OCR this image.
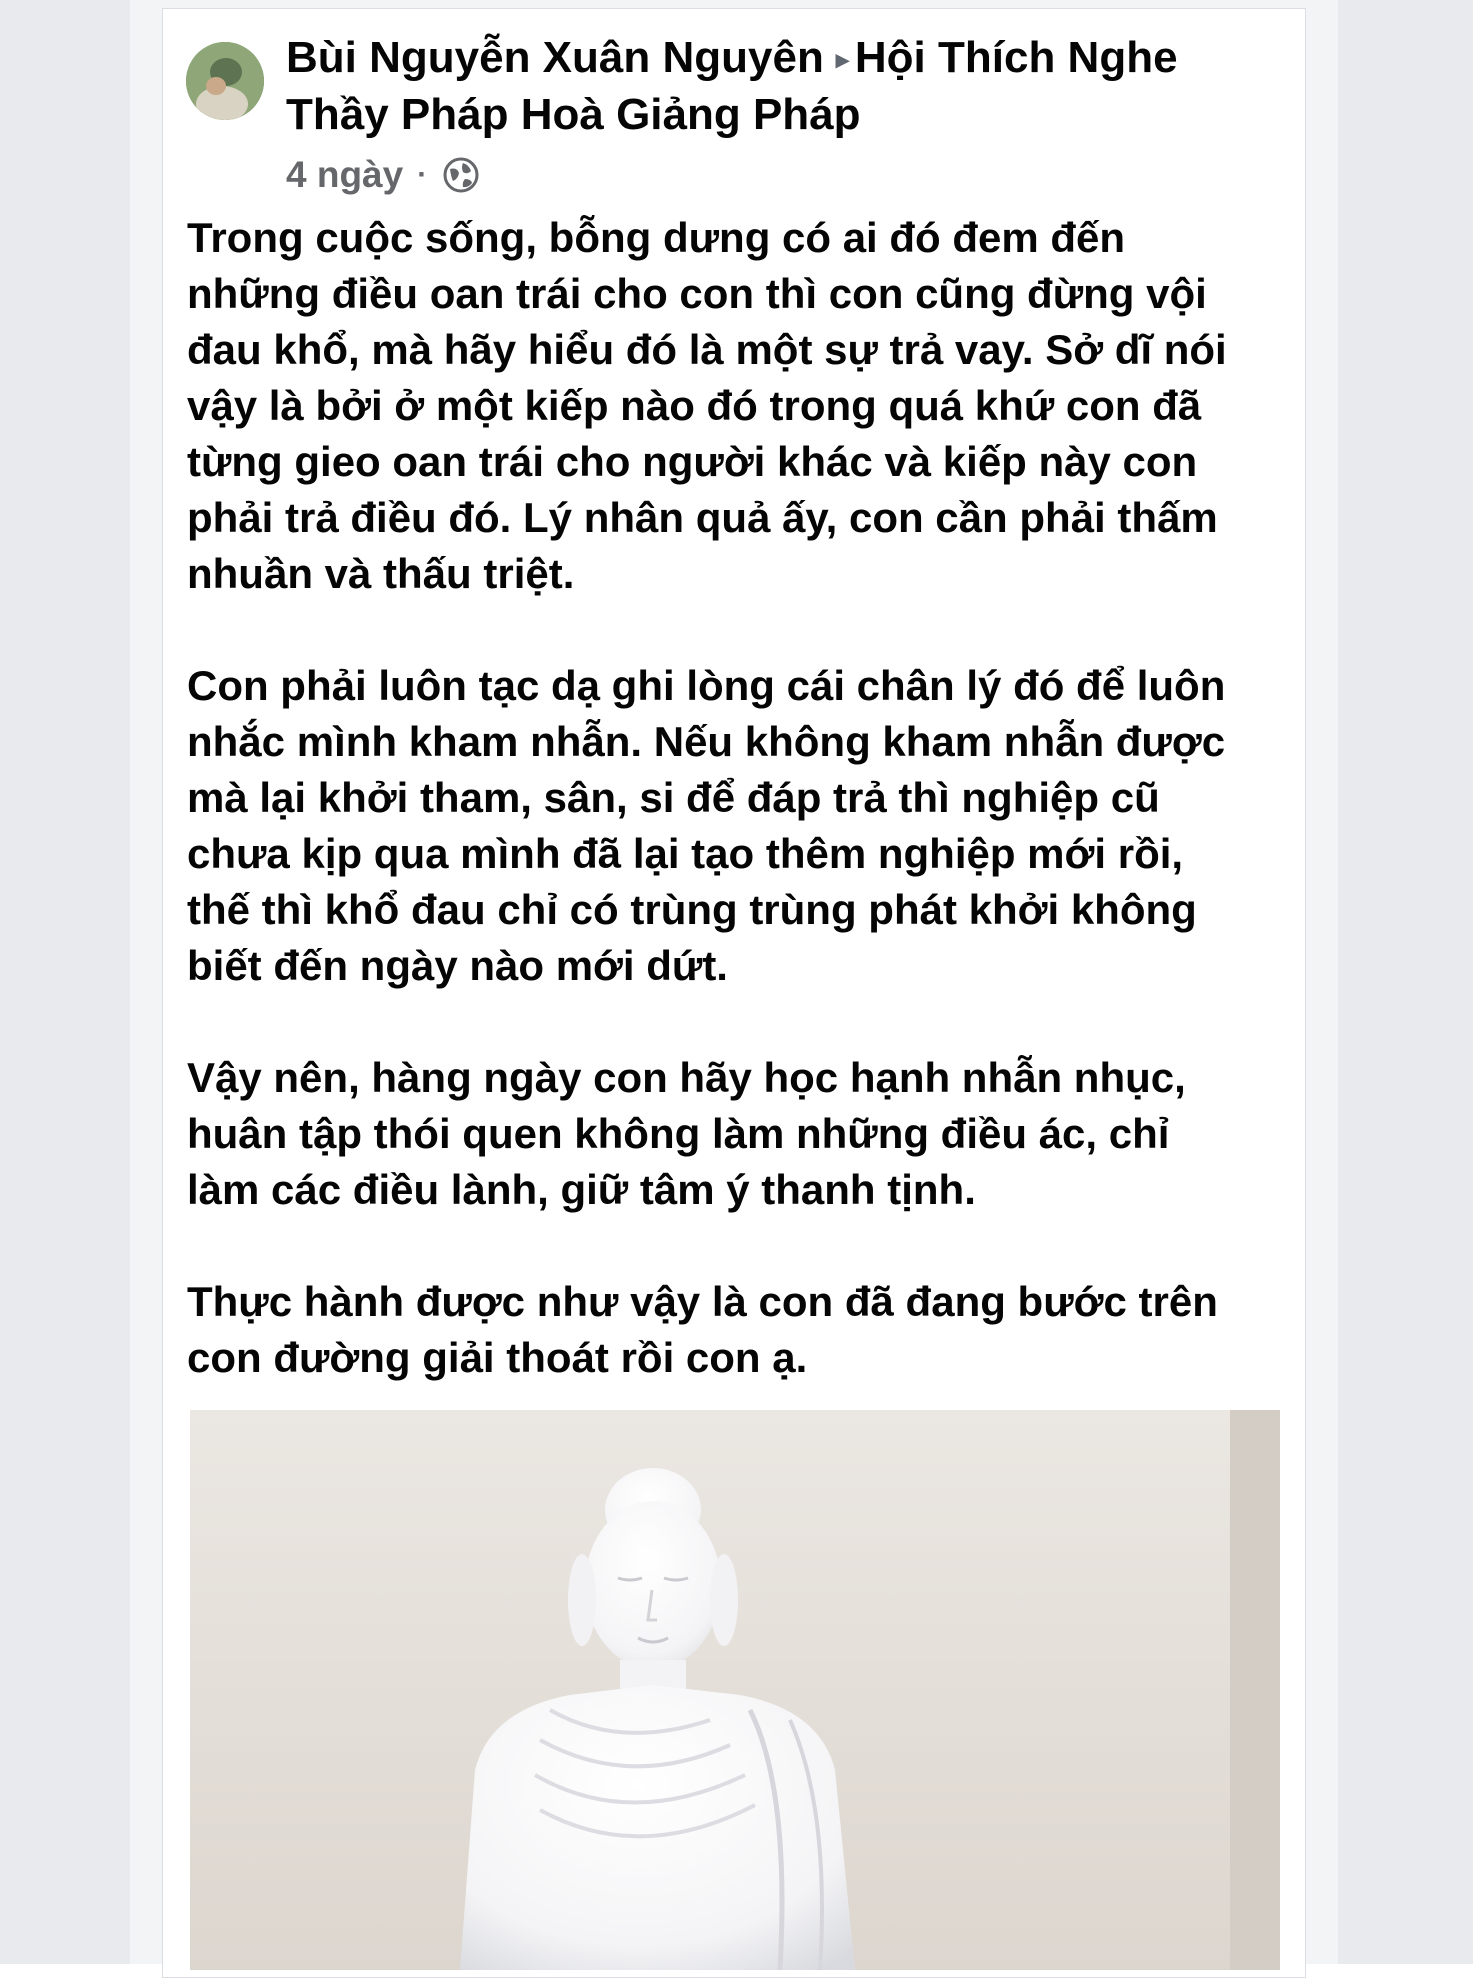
Bùi Nguyễn Xuân Nguyên ▸ Hội Thích Nghe Thầy Pháp Hoà Giảng Pháp
4 ngày ·

Trong cuộc sống, bỗng dưng có ai đó đem đến
những điều oan trái cho con thì con cũng đừng vội
đau khổ, mà hãy hiểu đó là một sự trả vay. Sở dĩ nói
vậy là bởi ở một kiếp nào đó trong quá khứ con đã
từng gieo oan trái cho người khác và kiếp này con
phải trả điều đó. Lý nhân quả ấy, con cần phải thấm
nhuần và thấu triệt.

Con phải luôn tạc dạ ghi lòng cái chân lý đó để luôn
nhắc mình kham nhẫn. Nếu không kham nhẫn được
mà lại khởi tham, sân, si để đáp trả thì nghiệp cũ
chưa kịp qua mình đã lại tạo thêm nghiệp mới rồi,
thế thì khổ đau chỉ có trùng trùng phát khởi không
biết đến ngày nào mới dứt.

Vậy nên, hàng ngày con hãy học hạnh nhẫn nhục,
huân tập thói quen không làm những điều ác, chỉ
làm các điều lành, giữ tâm ý thanh tịnh.

Thực hành được như vậy là con đã đang bước trên
con đường giải thoát rồi con ạ.
